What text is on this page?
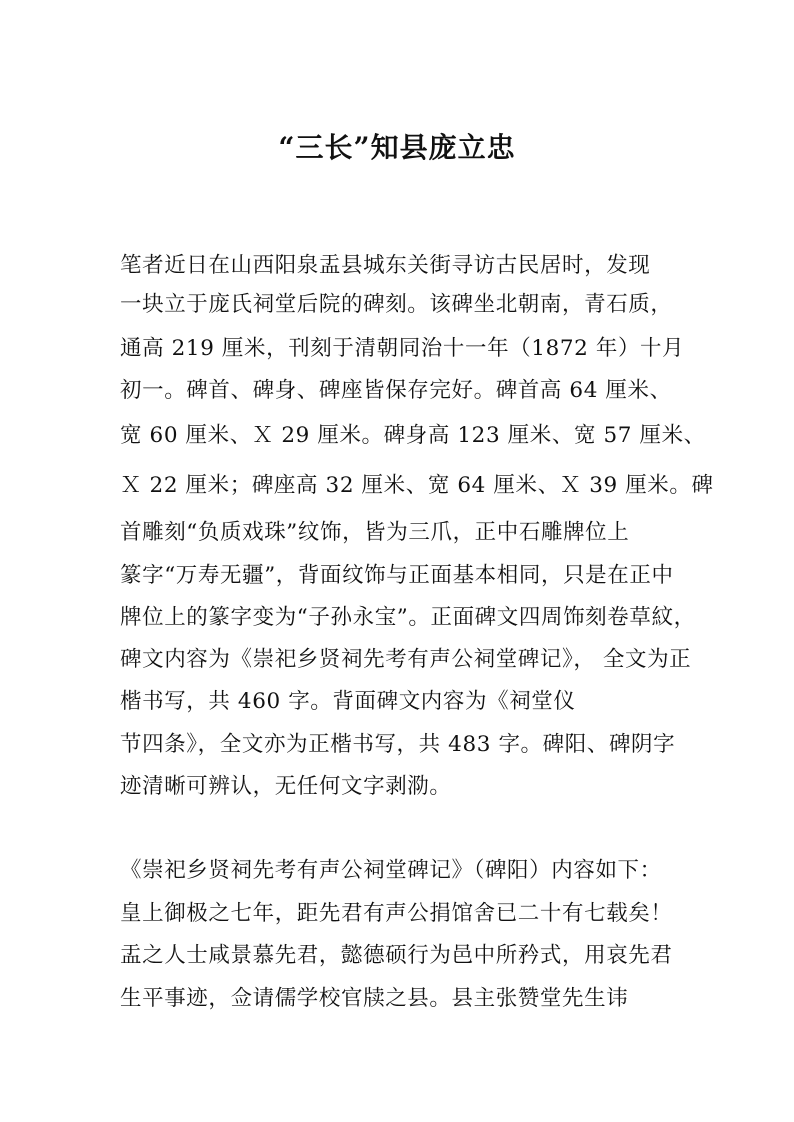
“三长”知县庞立忠
笔者近日在山西阳泉盂县城东关街寻访古民居时，发现
一块立于庞氏祠堂后院的碑刻。该碑坐北朝南，青石质，
通高 219 厘米，刊刻于清朝同治十一年（1872 年）十月
初一。碑首、碑身、碑座皆保存完好。碑首高 64 厘米、
宽 60 厘米、Ｘ 29 厘米。碑身高 123 厘米、宽 57 厘米、
Ｘ 22 厘米；碑座高 32 厘米、宽 64 厘米、Ｘ 39 厘米。碑
首雕刻“负质戏珠”纹饰，皆为三爪，正中石雕牌位上
篆字“万寿无疆”，背面纹饰与正面基本相同，只是在正中
牌位上的篆字变为“子孙永宝”。正面碑文四周饰刻卷草紋，
碑文内容为《崇祀乡贤祠先考有声公祠堂碑记》， 全文为正
楷书写，共 460 字。背面碑文内容为《祠堂仪
节四条》，全文亦为正楷书写，共 483 字。碑阳、碑阴字
迹清晰可辨认，无任何文字剥泐。
《崇祀乡贤祠先考有声公祠堂碑记》（碑阳）内容如下：
皇上御极之七年，距先君有声公捐馆舍已二十有七载矣！
盂之人士咸景慕先君，懿德硕行为邑中所矜式，用哀先君
生平事迹，佥请儒学校官牍之县。县主张赞堂先生讳
